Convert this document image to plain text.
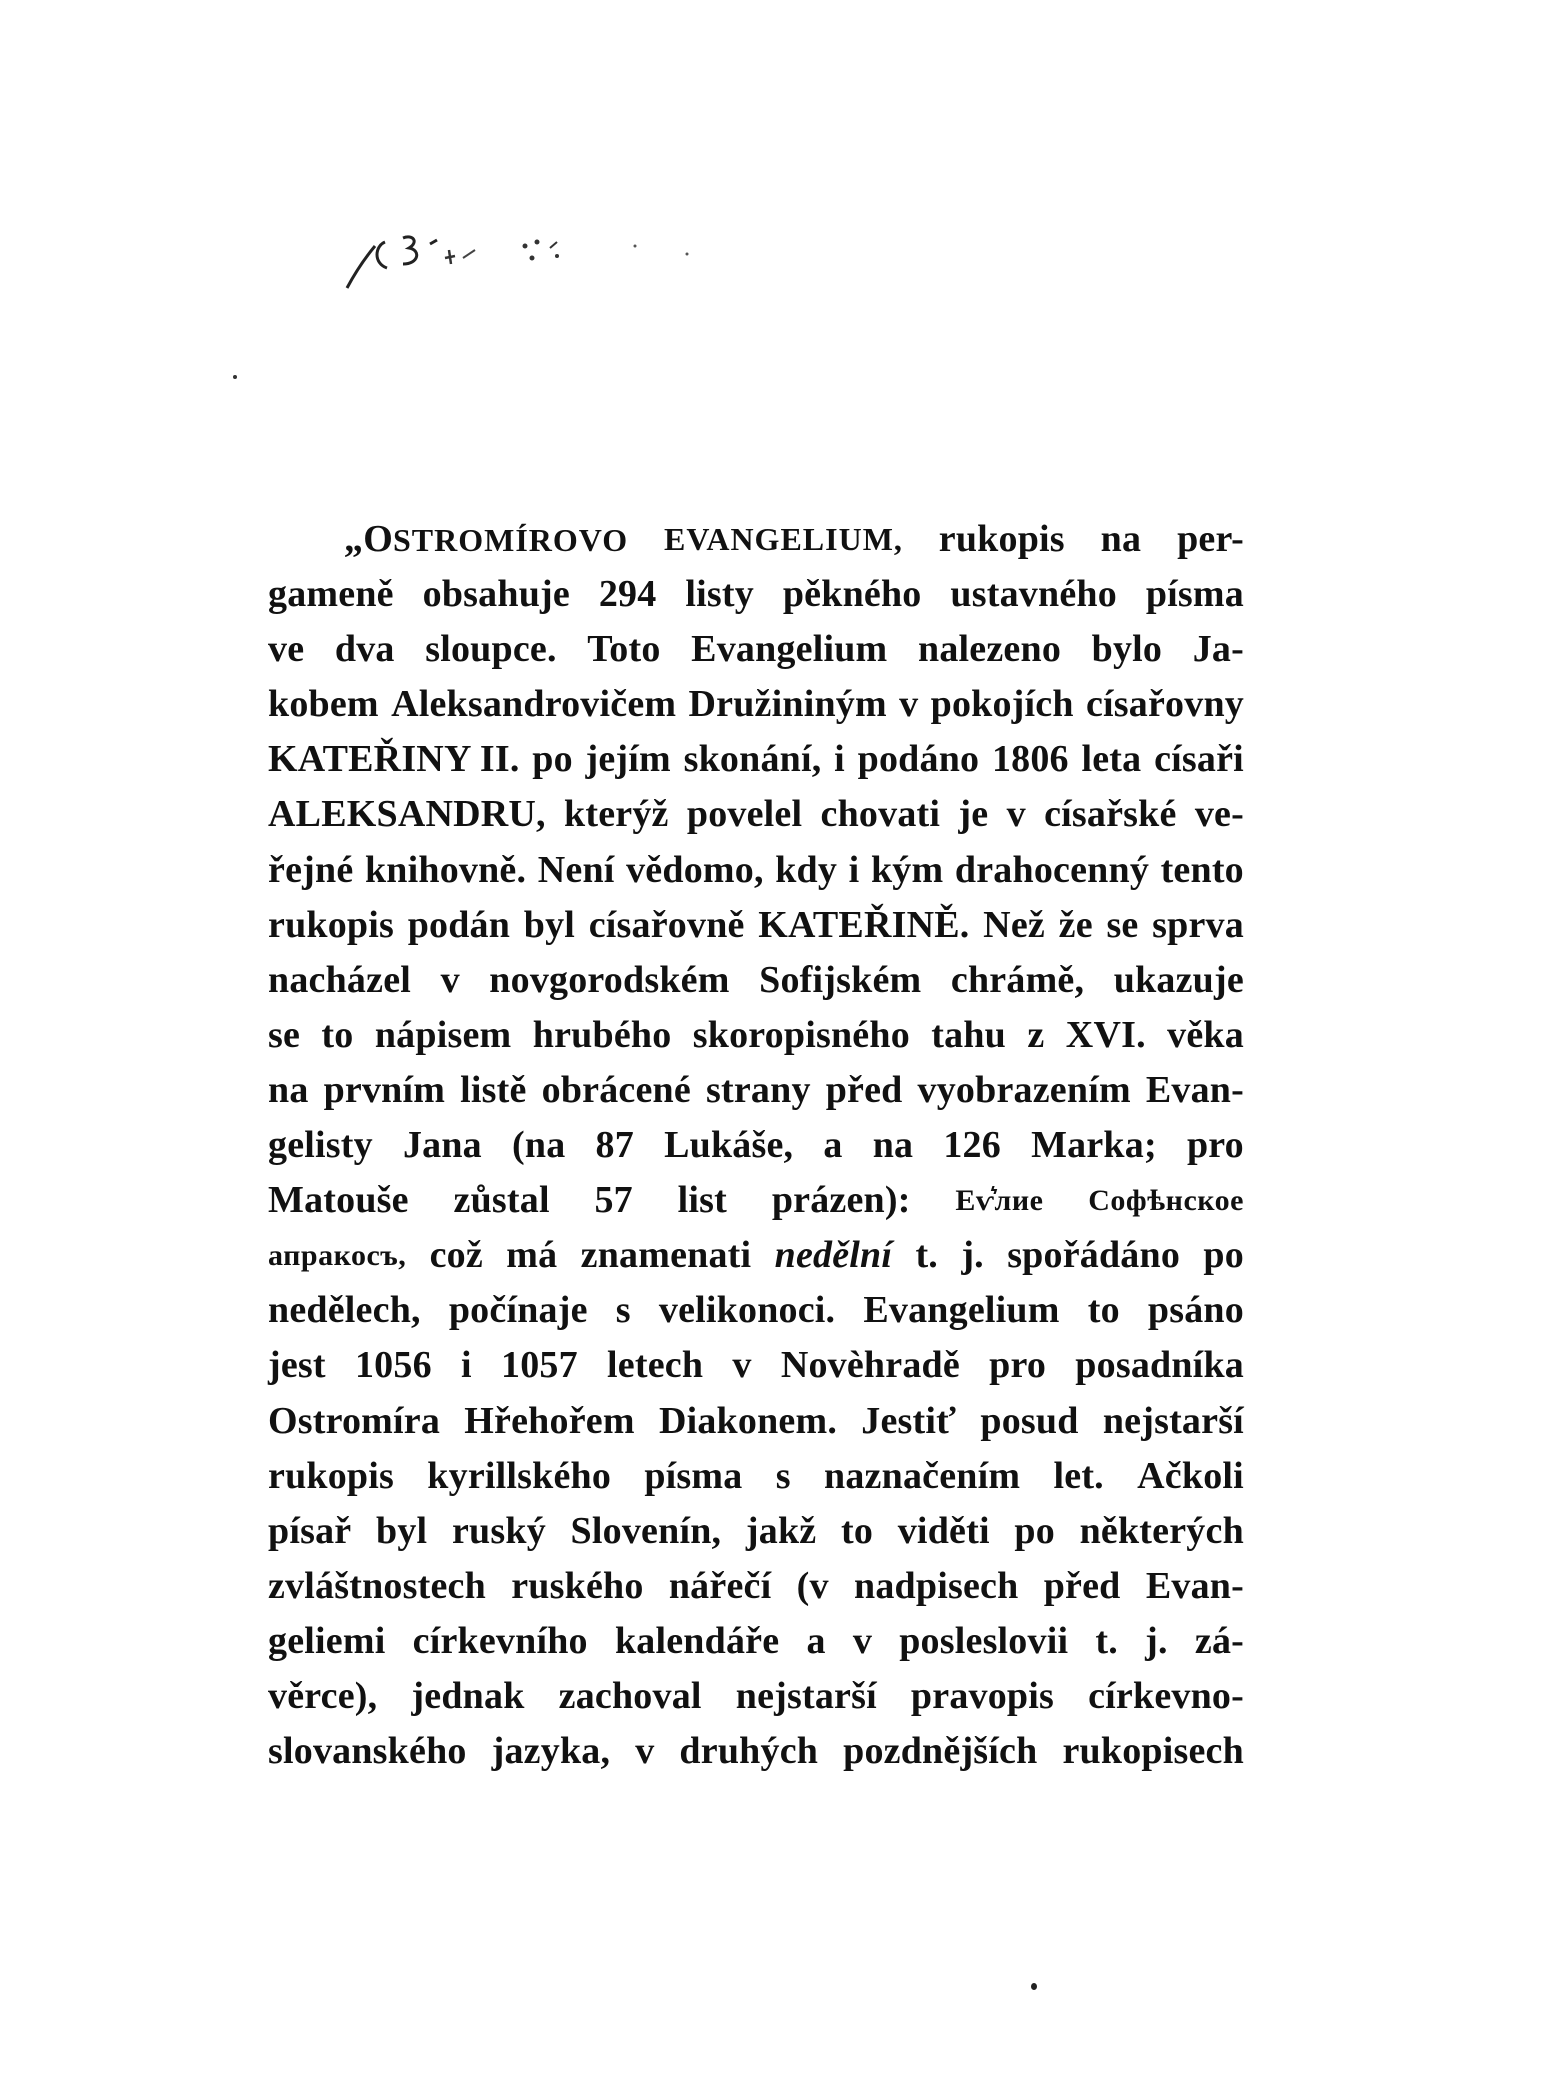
„OSTROMÍROVO EVANGELIUM, rukopis na per-
gameně obsahuje 294 listy pěkného ustavného písma
ve dva sloupce. Toto Evangelium nalezeno bylo Ja-
kobem Aleksandrovičem Družininým v pokojích císařovny
KATEŘINY II. po jejím skonání, i podáno 1806 leta císaři
ALEKSANDRU, kterýž povelel chovati je v císařské ve-
řejné knihovně. Není vědomo, kdy i kým drahocenný tento
rukopis podán byl císařovně KATEŘINĚ. Než že se sprva
nacházel v novgorodském Sofijském chrámě, ukazuje
se to nápisem hrubého skoropisného tahu z XVI. věka
na prvním listě obrácené strany před vyobrazením Evan-
gelisty Jana (na 87 Lukáše, a na 126 Marka; pro
Matouše zůstal 57 list prázen): Еѵ͛лие Софѣнское
апракосъ, což má znamenati nedělní t. j. spořádáno po
nedělech, počínaje s velikonoci. Evangelium to psáno
jest 1056 i 1057 letech v Novèhradě pro posadníka
Ostromíra Hřehořem Diakonem. Jestiť posud nejstarší
rukopis kyrillského písma s naznačením let. Ačkoli
písař byl ruský Slovenín, jakž to viděti po některých
zvláštnostech ruského nářečí (v nadpisech před Evan-
geliemi církevního kalendáře a v posleslovii t. j. zá-
věrce), jednak zachoval nejstarší pravopis církevno-
slovanského jazyka, v druhých pozdnějších rukopisech
